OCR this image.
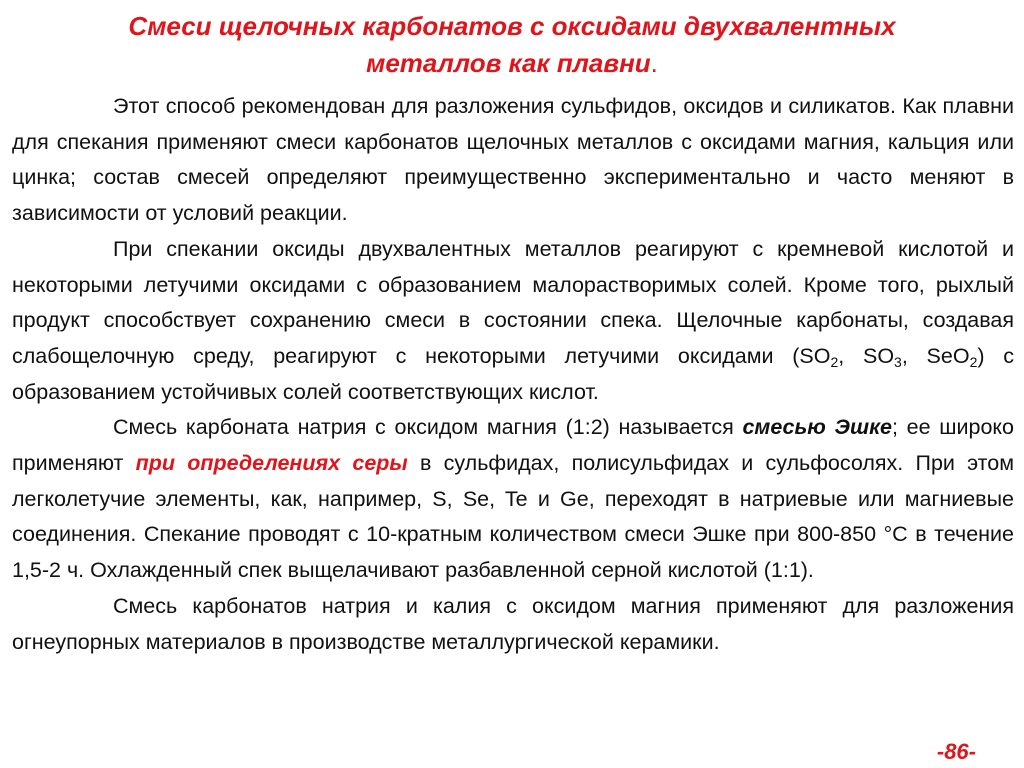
Смеси щелочных карбонатов с оксидами двухвалентных
металлов как плавни.

Этот способ рекомендован для разложения сульфидов, оксидов и силикатов. Как плавни для спекания применяют смеси карбонатов щелочных металлов с оксидами магния, кальция или цинка; состав смесей определяют преимущественно экспериментально и часто меняют в зависимости от условий реакции.

При спекании оксиды двухвалентных металлов реагируют с кремневой кислотой и некоторыми летучими оксидами с образованием малорастворимых солей. Кроме того, рыхлый продукт способствует сохранению смеси в состоянии спека. Щелочные карбонаты, создавая слабощелочную среду, реагируют с некоторыми летучими оксидами ($SO_2$, $SO_3$, SeO$_2$) с образованием устойчивых солей соответствующих кислот.

Смесь карбоната натрия с оксидом магния (1:2) называется смесью Эшке; ее широко применяют при определениях серы в сульфидах, полисульфидах и сульфосолях. При этом легколетучие элементы, как, например, S, Se, Te и Ge, переходят в натриевые или магниевые соединения. Спекание проводят с 10-кратным количеством смеси Эшке при 800-850 °С в течение 1,5-2 ч. Охлажденный спек выщелачивают разбавленной серной кислотой (1:1).

Смесь карбонатов натрия и калия с оксидом магния применяют для разложения огнеупорных материалов в производстве металлургической керамики.

-86-
